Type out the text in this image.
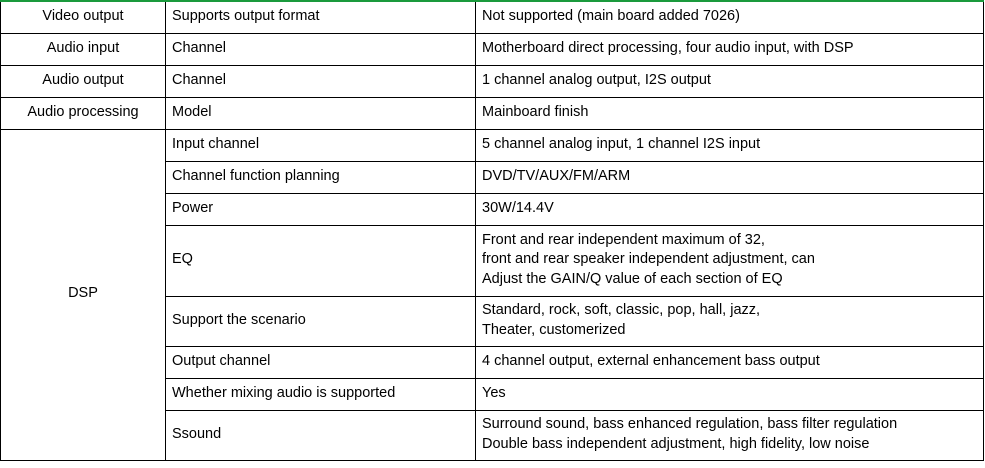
Video output	Supports output format	Not supported (main board added 7026)

Audio input	Channel	Motherboard direct processing, four audio input, with DSP

Audio output	Channel	1 channel analog output, I2S output

Audio processing	Model	Mainboard finish

DSP	Input channel	5 channel analog input, 1 channel I2S input

	Channel function planning	DVD/TV/AUX/FM/ARM

	Power	30W/14.4V

	EQ	Front and rear independent maximum of 32,
front and rear speaker independent adjustment, can
Adjust the GAIN/Q value of each section of EQ

	Support the scenario	Standard, rock, soft, classic, pop, hall, jazz,
Theater, customerized

	Output channel	4 channel output, external enhancement bass output

	Whether mixing audio is supported	Yes

	Ssound	Surround sound, bass enhanced regulation, bass filter regulation
Double bass independent adjustment, high fidelity, low noise
